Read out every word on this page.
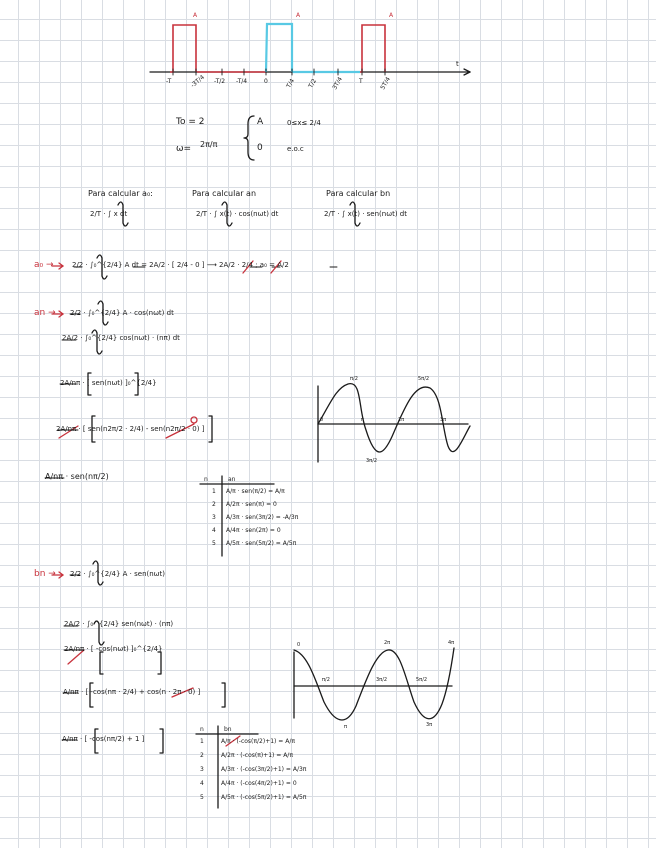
A	A	A
t
-T	-3T/4 -T/2 -T/4	0	T/4 T/2 3T/4 T	5T/4
To = 2
ω= 2π/π
A	0≤x≤ 2/4
0	e.o.c
Para calcular a₀:	Para calcular an	Para calcular bn
2/T · ∫ x dt	2/T · ∫ x(t) · cos(nωt) dt	2/T · ∫ x(t) · sen(nωt) dt
a₀ →	2/2 · ∫₀^{2/4} A dt = 2A/2 · [ 2/4 - 0 ] ⟶ 2A/2 · 2/4 ; a₀ = A/2
an → 2/2 · ∫₀^{2/4} A · cos(nωt) dt
2A/2 · ∫₀^{2/4} cos(nωt) · (nπ) dt
2A/nπ · [ sen(nωt) ]₀^{2/4}
2A/nπ · [ sen(n2π/2 · 2/4) - sen(n2π/2 · 0) ]
A/nπ · sen(nπ/2)	n	an
1 A/π · sen(π/2) = A/π
2 A/2π · sen(π) = 0
3 A/3π · sen(3π/2) = -A/3π
4 A/4π · sen(2π) = 0
5 A/5π · sen(5π/2) = A/5π
π/2	5π/2
0	π	2π	3π
3π/2
bn → 2/2 · ∫₀^{2/4} A · sen(nωt)
2A/2 · ∫₀^{2/4} sen(nωt) · (nπ)
2A/nπ · [ -cos(nωt) ]₀^{2/4}
A/nπ · [ -cos(nπ · 2/4) + cos(n · 2π · 0) ]
A/nπ · [ -cos(nπ/2) + 1 ]
n	bn
1	A/π · (-cos(π/2)+1) = A/π
2	A/2π · (-cos(π)+1) = A/π
3	A/3π · (-cos(3π/2)+1) = A/3π
4	A/4π · (-cos(4π/2)+1) = 0
5	A/5π · (-cos(5π/2)+1) = A/5π
0	2π	4π
π/2	3π/2	5π/2
π	3π
